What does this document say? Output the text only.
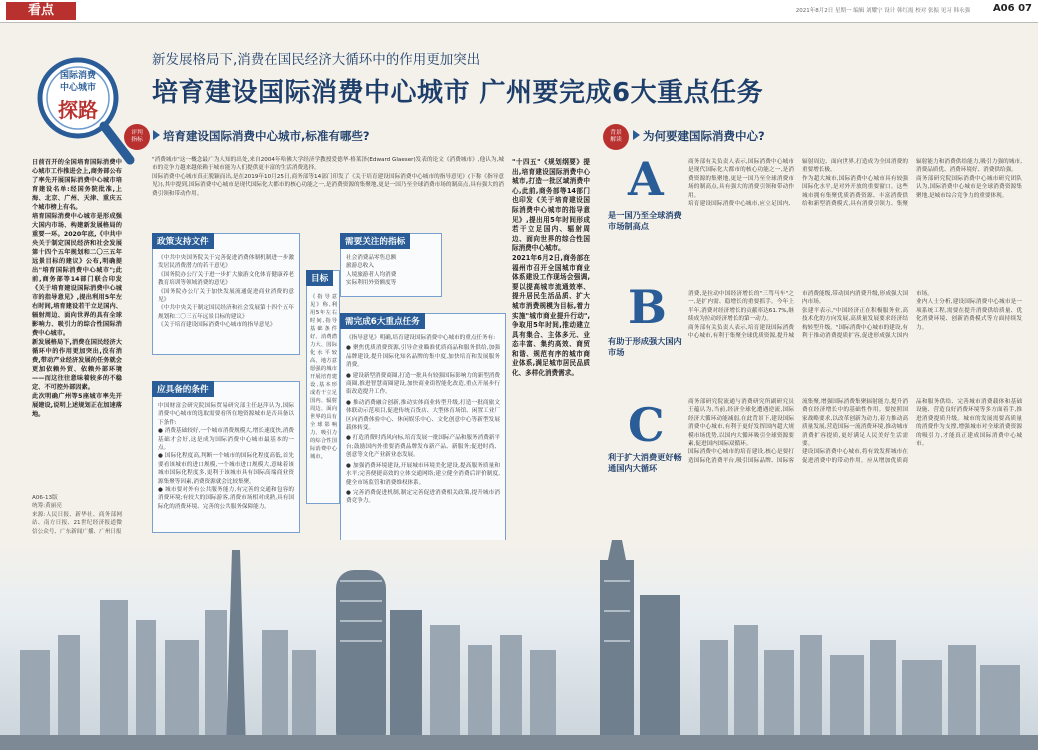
看点	2021年8月2日 星期一 编辑 刘耀宁 设计 韩红霞 校对 张振 见习 韩永强 A06 07
国际消费
中心城市
探路
新发展格局下,消费在国民经济大循环中的作用更加突出
培育建设国际消费中心城市 广州要完成6大重点任务
评判
指标 培育建设国际消费中心城市,标准有哪些?	背景
解读 为何要建国际消费中心?
日前召开的全国培育国际消费中心城市工作推进会上,商务部公布了率先开展国际消费中心城市培育建设名单:经国务院批准,上海、北京、广州、天津、重庆五个城市榜上有名。
培育国际消费中心城市是形成强大国内市场、构建新发展格局的重要一环。2020年底,《中共中央关于制定国民经济和社会发展第十四个五年规划和二〇三五年远景目标的建议》公布,明确提出"培育国际消费中心城市";此前,商务部等14部门联合印发《关于培育建设国际消费中心城市的指导意见》,提出利用5年左右时间,培育建设若干立足国内、辐射周边、面向世界的具有全球影响力、吸引力的综合性国际消费中心城市。
新发展格局下,消费在国民经济大循环中的作用更加突出,没有消费,带动产业经济发展的任务就会更加依赖外贸、依赖外部环境——而这往往意味着较多的不稳定、不可控外部因素。
此次明确广州等5座城市率先开展建设,说明上述规划正在加速落地。
A06-13版
统筹:黄丽亮
来源:人民日报、新华社、商务部网站、南方日报、21世纪经济报道微信公众号、广东新闻广播、广州日报
"消费城市"这一概念最广为人知的出处,来自2004年哈佛大学经济学教授爱德华·格莱泽(Edward Glaeser)发表的论文《消费城市》,他认为,城市的竞争力越来越依赖于城市能为人们提供更丰富的生活消费选择。
国际消费中心城市真正脱颖而出,是在2019年10月25日,商务部等14部门印发了《关于培育建设国际消费中心城市的指导意见》(下称《指导意见》),其中提到,国际消费中心城市是现代国际化大都市的核心功能之一,是消费资源的集聚地,更是一国乃至全球消费市场的制高点,具有强大的消费引领和带动作用。
政策支持文件
《中共中央国务院关于完善促进消费体制机制进一步激发居民消费潜力的若干意见》
《国务院办公厅关于进一步扩大旅游文化体育健康养老教育培训等领域消费的意见》
《国务院办公厅关于加快发展流通促进商业消费的意见》
《中共中央关于制定国民经济和社会发展第十四个五年规划和二〇三五年远景目标的建议》
《关于培育建设国际消费中心城市的指导意见》
需要关注的指标
社会消费品零售总额
旅游总收入
人境旅游者人均消费
实际利用外资额度等
目标
《指导意见》称,利用5年左右时间,指导基础条件好、消费潜力大、国际化水平较高、地方意愿强的城市开展培育建设,基本形成若干立足国内、辐射周边、面向世界的具有全球影响力、吸引力的综合性国际消费中心城市。
需完成6大重点任务
《指导意见》明确,培育建设国际消费中心城市的重点任务有:
● 聚焦优质消费资源,引导企业瞄准优质商品和服务供给,加强品牌建设,提升国际化知名品牌的集中度,加快培育和发展服务消费。
● 建设新型消费商圈,打造一批具有较强国际影响力的新型消费商圈,推进智慧商圈建设,加快商业街智能化改造,重点开展步行街改造提升工作。
● 推动消费融合创新,推动实体商业转型升级,打造一批商旅文体联动示范项目,促进传统百货店、大型体育场馆、闲置工业厂区向消费体验中心、休闲娱乐中心、文化创意中心等新型发展载体转变。
● 打造消费时尚风向标,培育发展一批国际产品和服务消费新平台;鼓励国内外重要消费品牌发布新产品、新服务;促进时尚、创意等文化产业新业态发展。
● 加强消费环境建设,开展城市环境美化建设,提高服务质量和水平;完善便捷高效的立体交通网络;建立健全消费后评价制度,健全市场监管和消费维权体系。
● 完善消费促进机制,制定完善促进消费相关政策,提升城市消费竞争力。
应具备的条件
中国财富会研究院国际贸易研究部主任赵萍认为,国际消费中心城市的选取需要看所在地资源城市是否具备以下条件:
● 消费基础较好,一个城市消费规模大,增长速度快,消费基础才会好,这是成为国际消费中心城市最基本的一点。
● 国际化程度高,判断一个城市的国际化程度高低,首先要看该城市的进口规模,一个城市进口规模大,意味着该城市国际化程度多,更利于该城市具有国际高端商业资源集聚等因素,消费资源就会比较集聚。
● 城市要对外有公共服务能力,有完善的交通和包容的消费环境;有较大的国际游客,消费市场相对成熟,具有国际化的消费环境、完善的公共服务保障能力。
"十四五"《规划纲要》提出,培育建设国际消费中心城市,打造一批区域消费中心,此前,商务部等14部门也印发《关于培育建设国际消费中心城市的指导意见》,提出用5年时间形成若干立足国内、辐射周边、面向世界的综合性国际消费中心城市。
2021年6月2日,商务部在福州市召开全国城市商业体系建设工作现场会强调,要以提高城市流通效率、提升居民生活品质、扩大城市消费规模为目标,着力实施"城市商业提升行动",争取用5年时间,推动建立具有集合、主体多元、业态丰富、集约高效、商贸和谐、规范有序的城市商业体系,满足城市居民品质化、多样化消费需求。
A
是一国乃至全球消费市场制高点
B
有助于形成强大国内市场
C
利于扩大消费更好畅通国内大循环
商务部有关负责人表示,国际消费中心城市是现代国际化大都市的核心功能之一,是消费资源的集聚地,更是一国乃至全球消费市场的制高点,具有强大的消费引领和带动作用。
培育建设国际消费中心城市,应立足国内、辐射周边、面向世界,打造成为全国消费的重要增长极。
作为超大城市,国际消费中心城市具有较强国际化水平,是对外开放的重要窗口。这些城市拥有集聚优质消费资源、丰富消费供给和新型消费模式,具有消费引领力、集聚辐射能力和消费供给能力,吸引力强的城市,消费品质优、消费环境好、消费供给强。
商务部研究院国际消费中心城市研究团队认为,国际消费中心城市是全球消费资源集聚地,是城市综合竞争力的重要体现。
消费,是拉动中国经济增长的"三驾马车"之一,是扩内需、稳增长的重要抓手。今年上半年,消费对经济增长的贡献率达61.7%,继续成为拉动经济增长的第一动力。
商务部有关负责人表示,培育建设国际消费中心城市,有利于集聚全球优质资源,提升城市消费能级,带动国内消费升级,形成强大国内市场。
张建平表示,"中国经济正在积极服务业,高技术化的方向发展,高质量发展要求经济结构转型升级。"国际消费中心城市的建设,有利于推动消费提质扩容,促进形成强大国内市场。
业内人士分析,建设国际消费中心城市是一项系统工程,需要在提升消费供给质量、优化消费环境、创新消费模式等方面持续发力。
商务部研究院流通与消费研究所副研究员王蕴认为,当前,经济全球化遭遇逆流,国际经济大循环动能减弱,在此背景下,建设国际消费中心城市,有利于更好发挥国内超大规模市场优势,以国内大循环吸引全球资源要素,促进国内国际双循环。
国际消费中心城市的培育建设,核心是要打造国际化消费平台,吸引国际品牌、国际客流集聚,增强国际消费集聚辐射能力,提升消费在经济增长中的基础性作用。要按照国家战略要求,以改革创新为动力,着力推动高质量发展,营造国际一流消费环境,推动城市消费扩容提质,更好满足人民美好生活需要。
建设国际消费中心城市,将有效发挥城市在促进消费中的带动作用。应从增加优质商品和服务供给、完善城市消费载体和基础设施、营造良好消费环境等多方面着手,推进消费提质升级。城市的发展需要高质量的消费作为支撑,增强城市对全球消费资源的吸引力,才能真正建成国际消费中心城市。
